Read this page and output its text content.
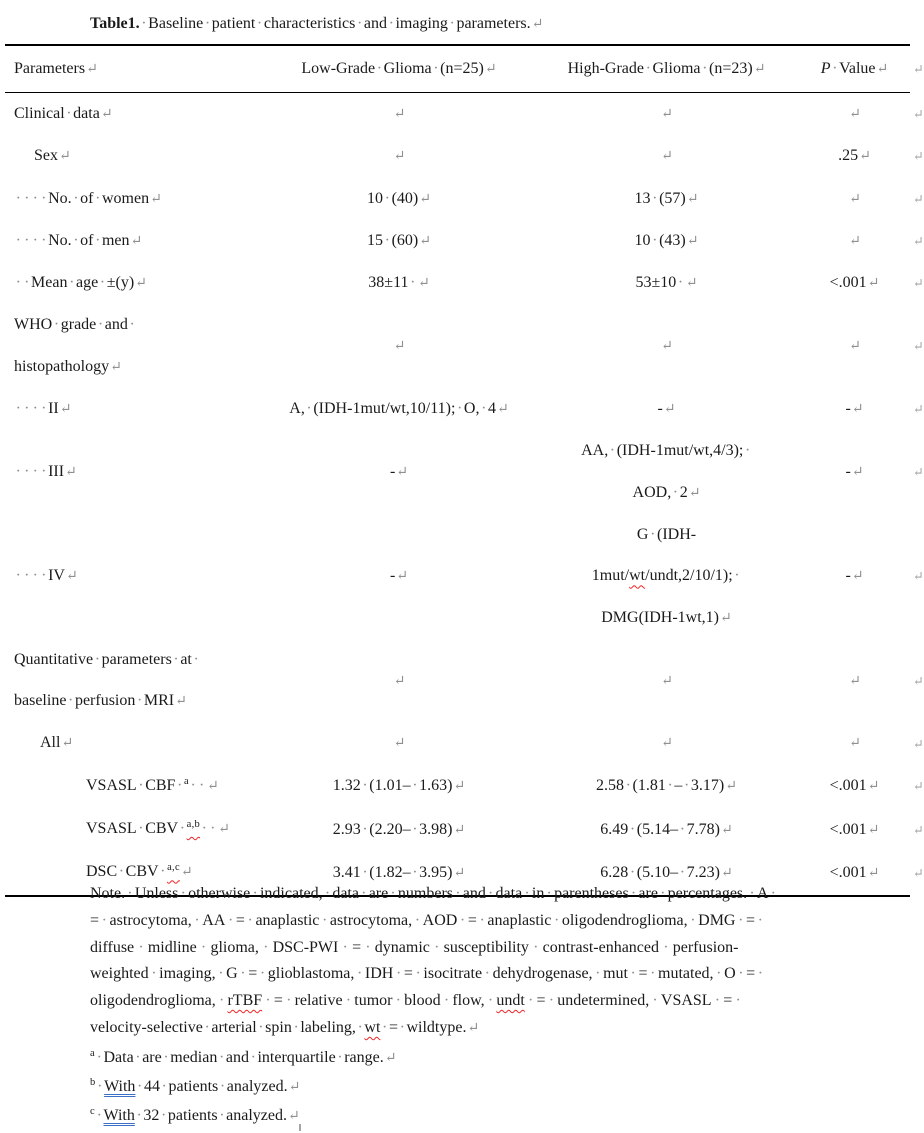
Table1.·Baseline·patient·characteristics·and·imaging·parameters.↵
Parameters↵	Low-Grade·Glioma·(n=25)↵	High-Grade·Glioma·(n=23)↵	P·Value↵ ↵

Clinical·data↵	↵	↵	↵	↵

Sex↵	↵	↵	.25↵	↵

· · · ·No.·of·women↵	10·(40)↵	13·(57)↵	↵	↵

· · · ·No.·of·men↵	15·(60)↵	10·(43)↵	↵	↵

· ·Mean·age·±(y)↵	38±11· ↵	53±10· ↵	<.001↵	↵

WHO·grade·and·
histopathology↵	↵	↵	↵	↵

· · · ·II↵	A,·(IDH-1mut/wt,10/11);·O,·4↵	-↵	-↵	↵

· · · ·III↵	-↵	AA,·(IDH-1mut/wt,4/3);·
AOD,·2↵	-↵	↵

· · · ·IV↵	-↵	G·(IDH-
1mut/wt/undt,2/10/1);·
DMG(IDH-1wt,1)↵	-↵	↵

Quantitative·parameters·at·
baseline·perfusion·MRI↵	↵	↵	↵	↵

All↵	↵	↵	↵	↵

VSASL·CBF· $^a$· · ↵	1.32·(1.01–·1.63)↵	2.58·(1.81·–·3.17)↵	<.001↵	↵

VSASL·CBV· $^{a,b}$· · ↵	2.93·(2.20–·3.98)↵	6.49·(5.14–·7.78)↵	<.001↵	↵

DSC·CBV· $^{a,c}$↵	3.41·(1.82–·3.95)↵	6.28·(5.10–·7.23)↵	<.001↵	↵
Note. · Unless · otherwise · indicated, · data · are · numbers · and · data · in · parentheses · are · percentages. · A ·
= · astrocytoma, · AA · = · anaplastic · astrocytoma, · AOD · = · anaplastic · oligodendroglioma, · DMG · = ·
diffuse · midline · glioma, · DSC-PWI · = · dynamic · susceptibility · contrast-enhanced · perfusion-
weighted · imaging, · G · = · glioblastoma, · IDH · = · isocitrate · dehydrogenase, · mut · = · mutated, · O · = ·
oligodendroglioma, · rTBF · = · relative · tumor · blood · flow, · undt · = · undetermined, · VSASL · = ·
velocity-selective·arterial·spin·labeling,·wt·=·wildtype.↵
$^a$·Data·are·median·and·interquartile·range.↵
$^b$·With·44·patients·analyzed.↵
$^c$·With·32·patients·analyzed.↵
